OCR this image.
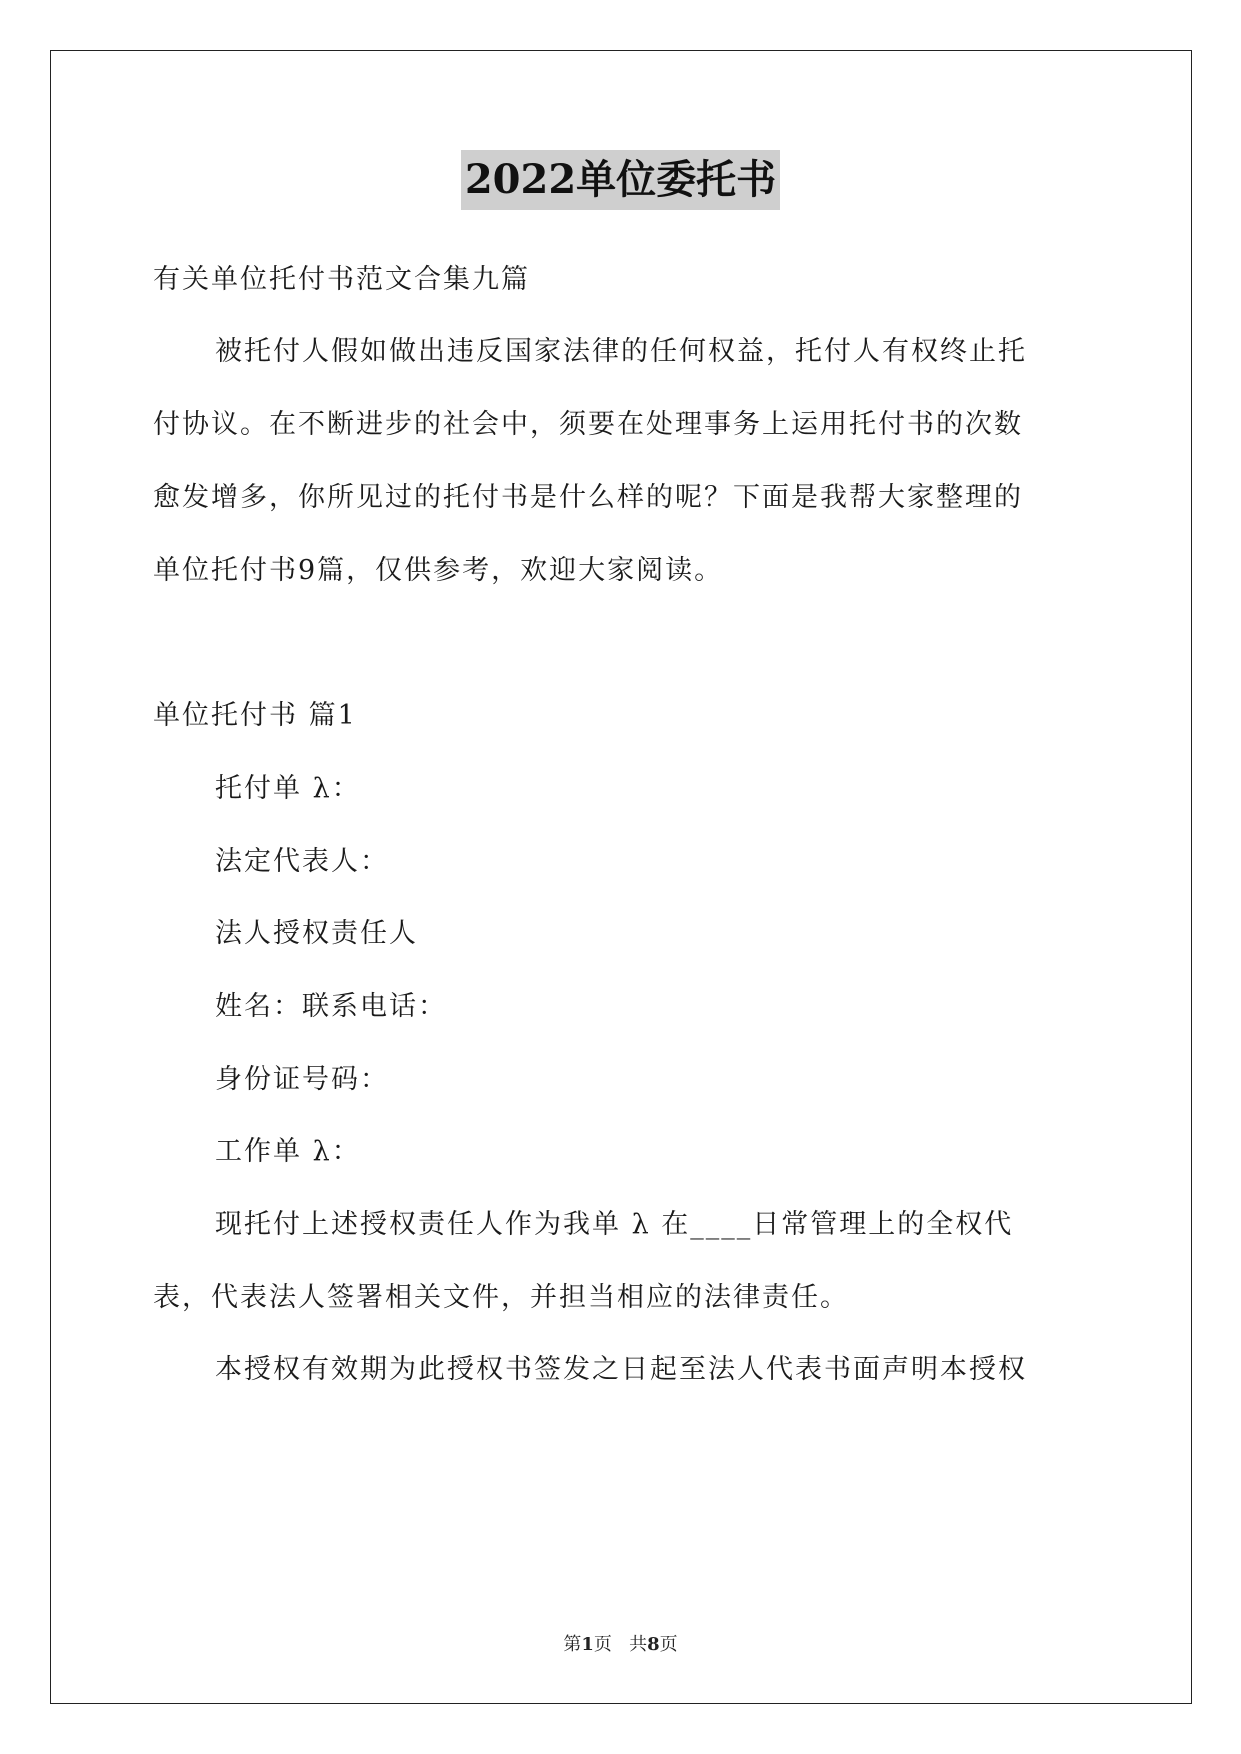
2022单位委托书
有关单位托付书范文合集九篇
被托付人假如做出违反国家法律的任何权益，托付人有权终止托
付协议。在不断进步的社会中，须要在处理事务上运用托付书的次数
愈发增多，你所见过的托付书是什么样的呢？下面是我帮大家整理的
单位托付书9篇，仅供参考，欢迎大家阅读。
单位托付书 篇1
托付单 λ：
法定代表人：
法人授权责任人
姓名：联系电话：
身份证号码：
工作单 λ：
现托付上述授权责任人作为我单 λ 在____日常管理上的全权代
表，代表法人签署相关文件，并担当相应的法律责任。
本授权有效期为此授权书签发之日起至法人代表书面声明本授权
第1页   共8页
